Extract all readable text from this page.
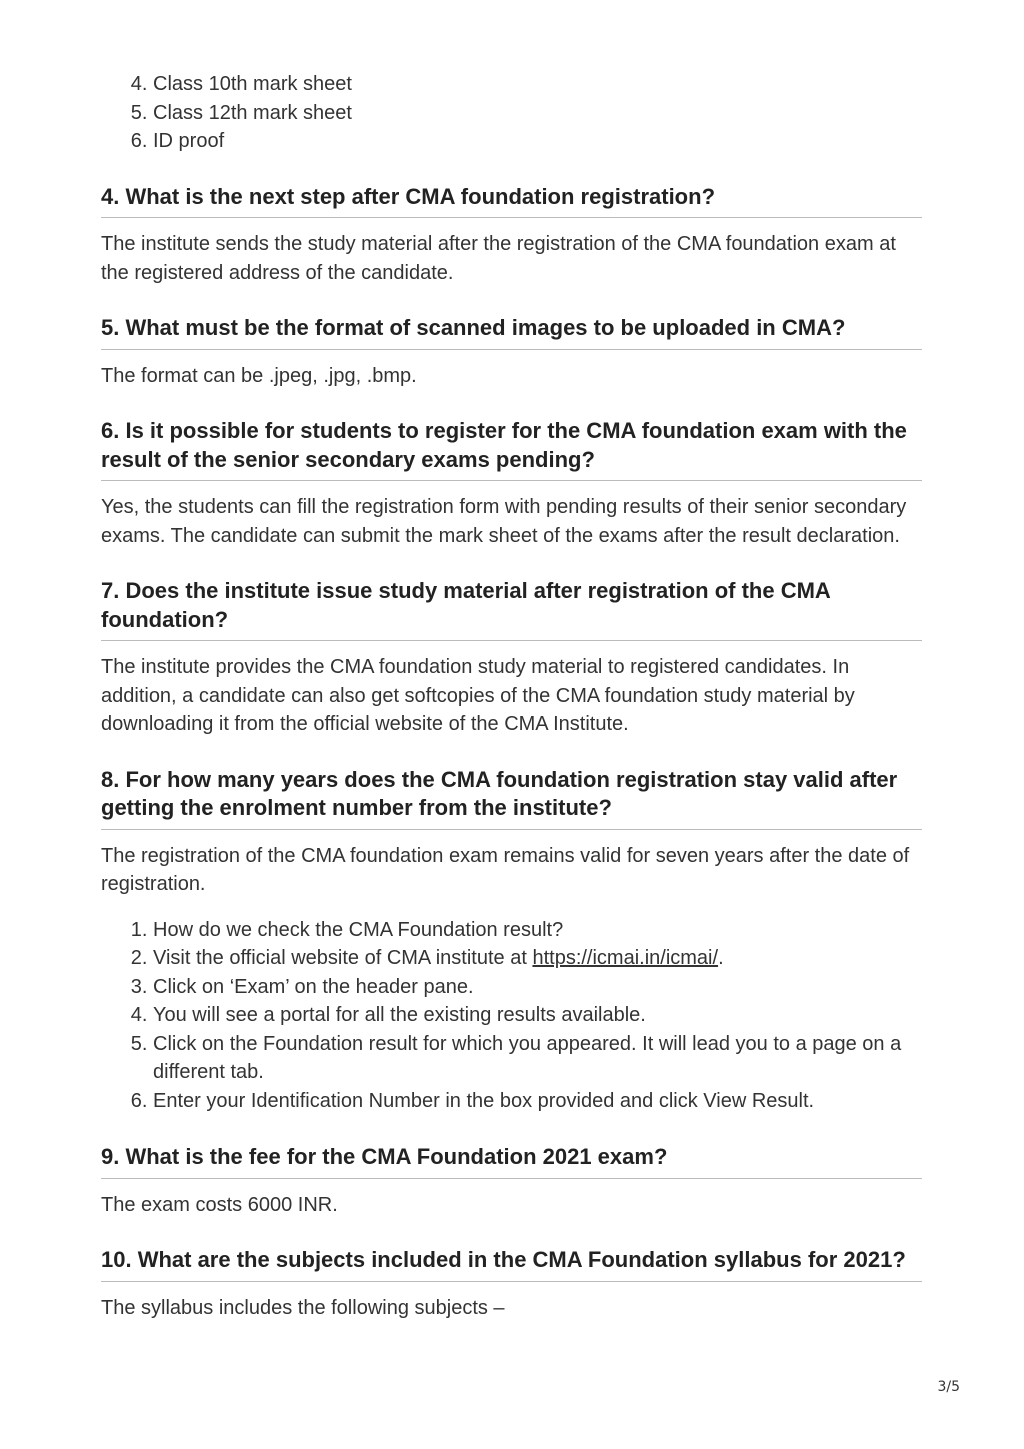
4. Class 10th mark sheet
5. Class 12th mark sheet
6. ID proof
4. What is the next step after CMA foundation registration?

The institute sends the study material after the registration of the CMA foundation exam at the registered address of the candidate.

5. What must be the format of scanned images to be uploaded in CMA?

The format can be .jpeg, .jpg, .bmp.

6. Is it possible for students to register for the CMA foundation exam with the result of the senior secondary exams pending?

Yes, the students can fill the registration form with pending results of their senior secondary exams. The candidate can submit the mark sheet of the exams after the result declaration.

7. Does the institute issue study material after registration of the CMA foundation?

The institute provides the CMA foundation study material to registered candidates. In addition, a candidate can also get softcopies of the CMA foundation study material by downloading it from the official website of the CMA Institute.

8. For how many years does the CMA foundation registration stay valid after getting the enrolment number from the institute?

The registration of the CMA foundation exam remains valid for seven years after the date of registration.

1. How do we check the CMA Foundation result?
2. Visit the official website of CMA institute at https://icmai.in/icmai/.
3. Click on ‘Exam’ on the header pane.
4. You will see a portal for all the existing results available.
5. Click on the Foundation result for which you appeared. It will lead you to a page on a different tab.
6. Enter your Identification Number in the box provided and click View Result.
9. What is the fee for the CMA Foundation 2021 exam?

The exam costs 6000 INR.

10. What are the subjects included in the CMA Foundation syllabus for 2021?

The syllabus includes the following subjects –

3/5
